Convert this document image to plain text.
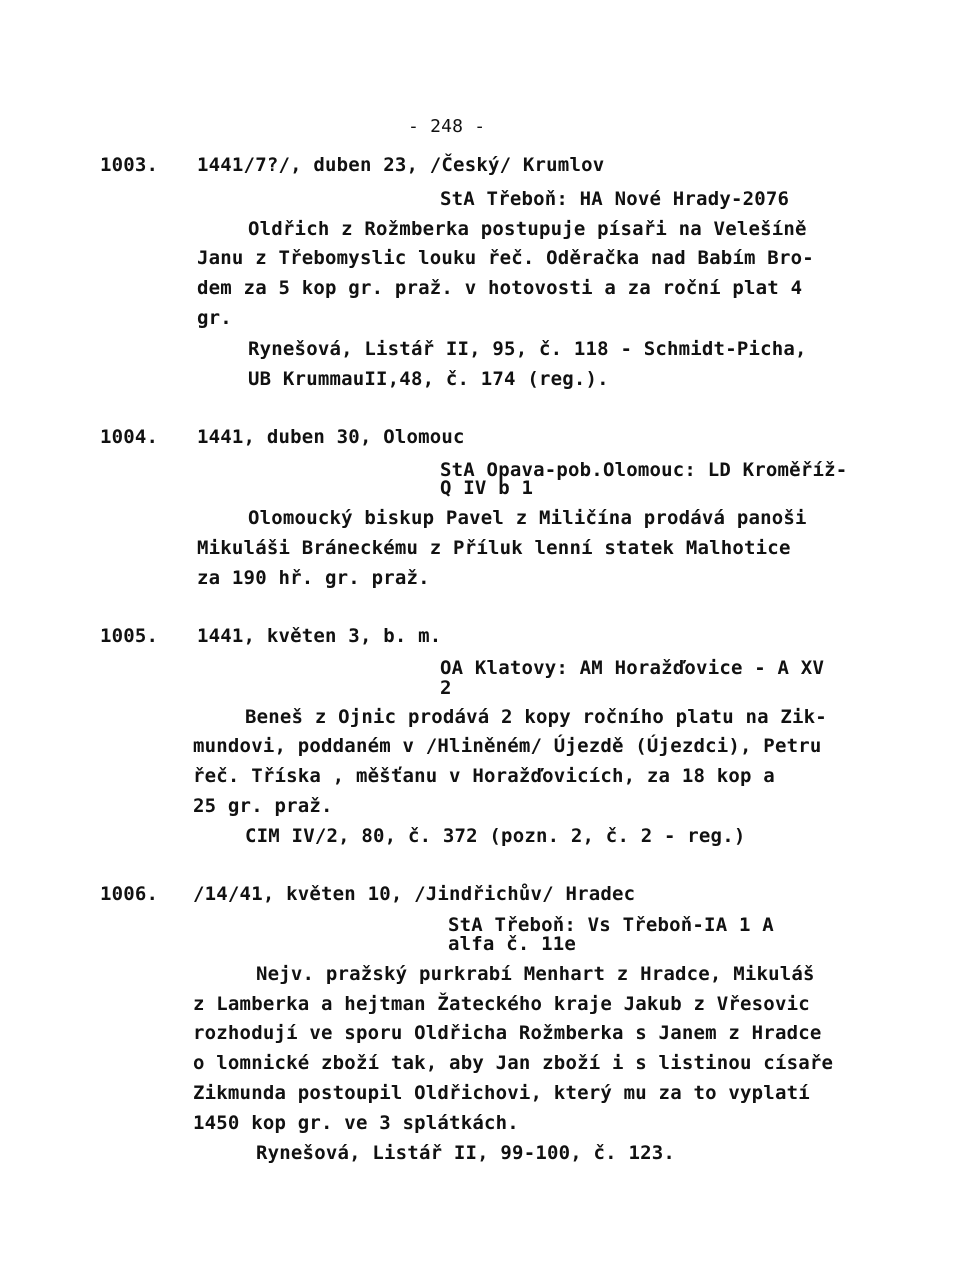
- 248 -
1003. 1441/7?/, duben 23, /Český/ Krumlov
StA Třeboň: HA Nové Hrady-2076
Oldřich z Rožmberka postupuje písaři na Velešíně
Janu z Třebomyslic louku řeč. Oděračka nad Babím Bro-
dem za 5 kop gr. praž. v hotovosti a za roční plat 4
gr.
Rynešová, Listář II, 95, č. 118 - Schmidt-Picha,
UB KrummauII,48, č. 174 (reg.).
1004. 1441, duben 30, Olomouc
StA Opava-pob.Olomouc: LD Kroměříž-
Q IV b 1
Olomoucký biskup Pavel z Miličína prodává panoši
Mikuláši Bráneckému z Příluk lenní statek Malhotice
za 190 hř. gr. praž.
1005. 1441, květen 3, b. m.
OA Klatovy: AM Horažďovice - A XV
2
Beneš z Ojnic prodává 2 kopy ročního platu na Zik-
mundovi, poddaném v /Hliněném/ Újezdě (Újezdci), Petru
řeč. Tříska , měšťanu v Horažďovicích, za 18 kop a
25 gr. praž.
CIM IV/2, 80, č. 372 (pozn. 2, č. 2 - reg.)
1006. /14/41, květen 10, /Jindřichův/ Hradec
StA Třeboň: Vs Třeboň-IA 1 A
alfa č. 11e
Nejv. pražský purkrabí Menhart z Hradce, Mikuláš
z Lamberka a hejtman Žateckého kraje Jakub z Vřesovic
rozhodují ve sporu Oldřicha Rožmberka s Janem z Hradce
o lomnické zboží tak, aby Jan zboží i s listinou císaře
Zikmunda postoupil Oldřichovi, který mu za to vyplatí
1450 kop gr. ve 3 splátkách.
Rynešová, Listář II, 99-100, č. 123.
